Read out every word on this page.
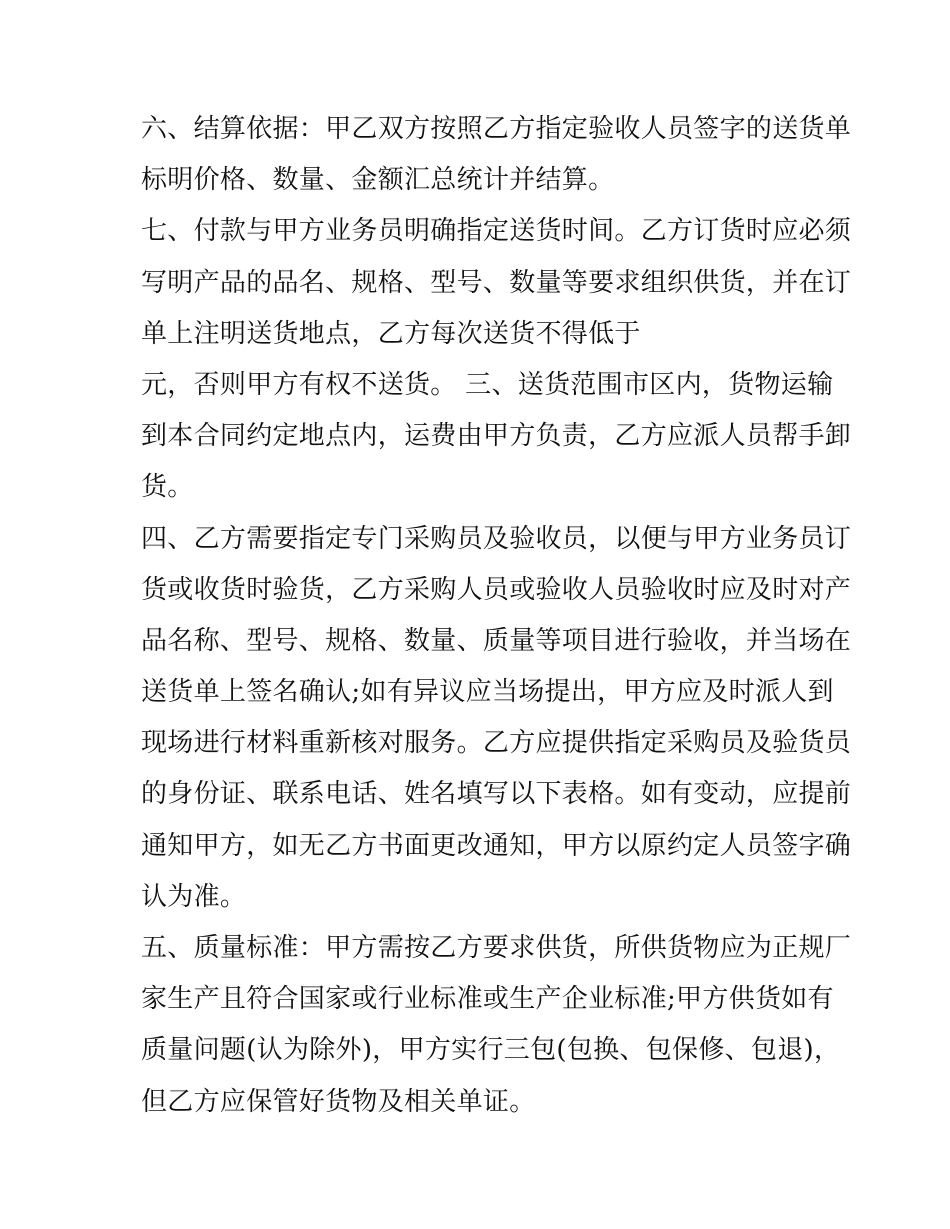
六、结算依据：甲乙双方按照乙方指定验收人员签字的送货单
标明价格、数量、金额汇总统计并结算。
七、付款与甲方业务员明确指定送货时间。乙方订货时应必须
写明产品的品名、规格、型号、数量等要求组织供货，并在订
单上注明送货地点，乙方每次送货不得低于
元，否则甲方有权不送货。 三、送货范围市区内，货物运输
到本合同约定地点内，运费由甲方负责，乙方应派人员帮手卸
货。
四、乙方需要指定专门采购员及验收员，以便与甲方业务员订
货或收货时验货，乙方采购人员或验收人员验收时应及时对产
品名称、型号、规格、数量、质量等项目进行验收，并当场在
送货单上签名确认;如有异议应当场提出，甲方应及时派人到
现场进行材料重新核对服务。乙方应提供指定采购员及验货员
的身份证、联系电话、姓名填写以下表格。如有变动，应提前
通知甲方，如无乙方书面更改通知，甲方以原约定人员签字确
认为准。
五、质量标准：甲方需按乙方要求供货，所供货物应为正规厂
家生产且符合国家或行业标准或生产企业标准;甲方供货如有
质量问题(认为除外)，甲方实行三包(包换、包保修、包退)，
但乙方应保管好货物及相关单证。
